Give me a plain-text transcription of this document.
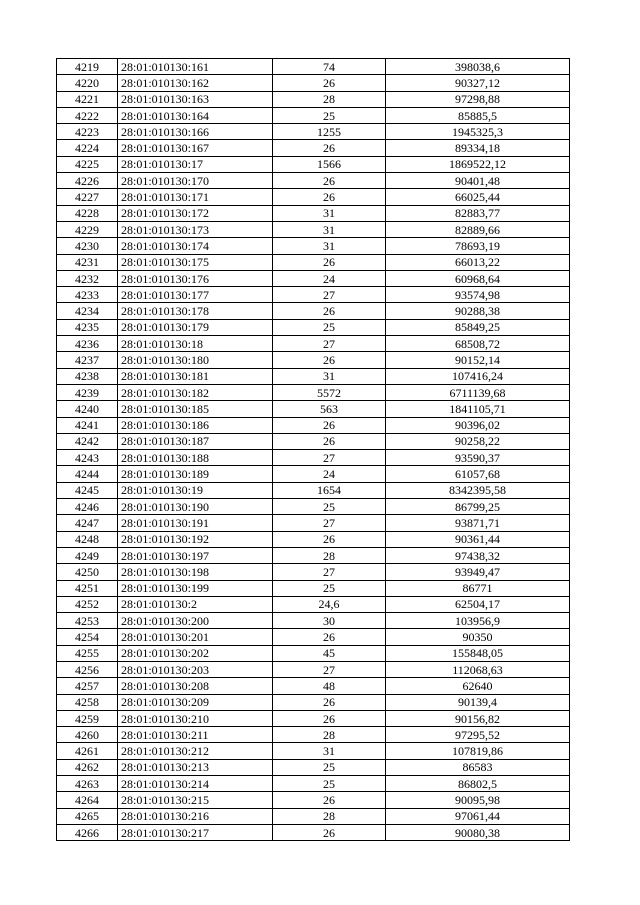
4219	28:01:010130:161	74	398038,6
4220	28:01:010130:162	26	90327,12
4221	28:01:010130:163	28	97298,88
4222	28:01:010130:164	25	85885,5
4223	28:01:010130:166	1255	1945325,3
4224	28:01:010130:167	26	89334,18
4225	28:01:010130:17	1566	1869522,12
4226	28:01:010130:170	26	90401,48
4227	28:01:010130:171	26	66025,44
4228	28:01:010130:172	31	82883,77
4229	28:01:010130:173	31	82889,66
4230	28:01:010130:174	31	78693,19
4231	28:01:010130:175	26	66013,22
4232	28:01:010130:176	24	60968,64
4233	28:01:010130:177	27	93574,98
4234	28:01:010130:178	26	90288,38
4235	28:01:010130:179	25	85849,25
4236	28:01:010130:18	27	68508,72
4237	28:01:010130:180	26	90152,14
4238	28:01:010130:181	31	107416,24
4239	28:01:010130:182	5572	6711139,68
4240	28:01:010130:185	563	1841105,71
4241	28:01:010130:186	26	90396,02
4242	28:01:010130:187	26	90258,22
4243	28:01:010130:188	27	93590,37
4244	28:01:010130:189	24	61057,68
4245	28:01:010130:19	1654	8342395,58
4246	28:01:010130:190	25	86799,25
4247	28:01:010130:191	27	93871,71
4248	28:01:010130:192	26	90361,44
4249	28:01:010130:197	28	97438,32
4250	28:01:010130:198	27	93949,47
4251	28:01:010130:199	25	86771
4252	28:01:010130:2	24,6	62504,17
4253	28:01:010130:200	30	103956,9
4254	28:01:010130:201	26	90350
4255	28:01:010130:202	45	155848,05
4256	28:01:010130:203	27	112068,63
4257	28:01:010130:208	48	62640
4258	28:01:010130:209	26	90139,4
4259	28:01:010130:210	26	90156,82
4260	28:01:010130:211	28	97295,52
4261	28:01:010130:212	31	107819,86
4262	28:01:010130:213	25	86583
4263	28:01:010130:214	25	86802,5
4264	28:01:010130:215	26	90095,98
4265	28:01:010130:216	28	97061,44
4266	28:01:010130:217	26	90080,38
